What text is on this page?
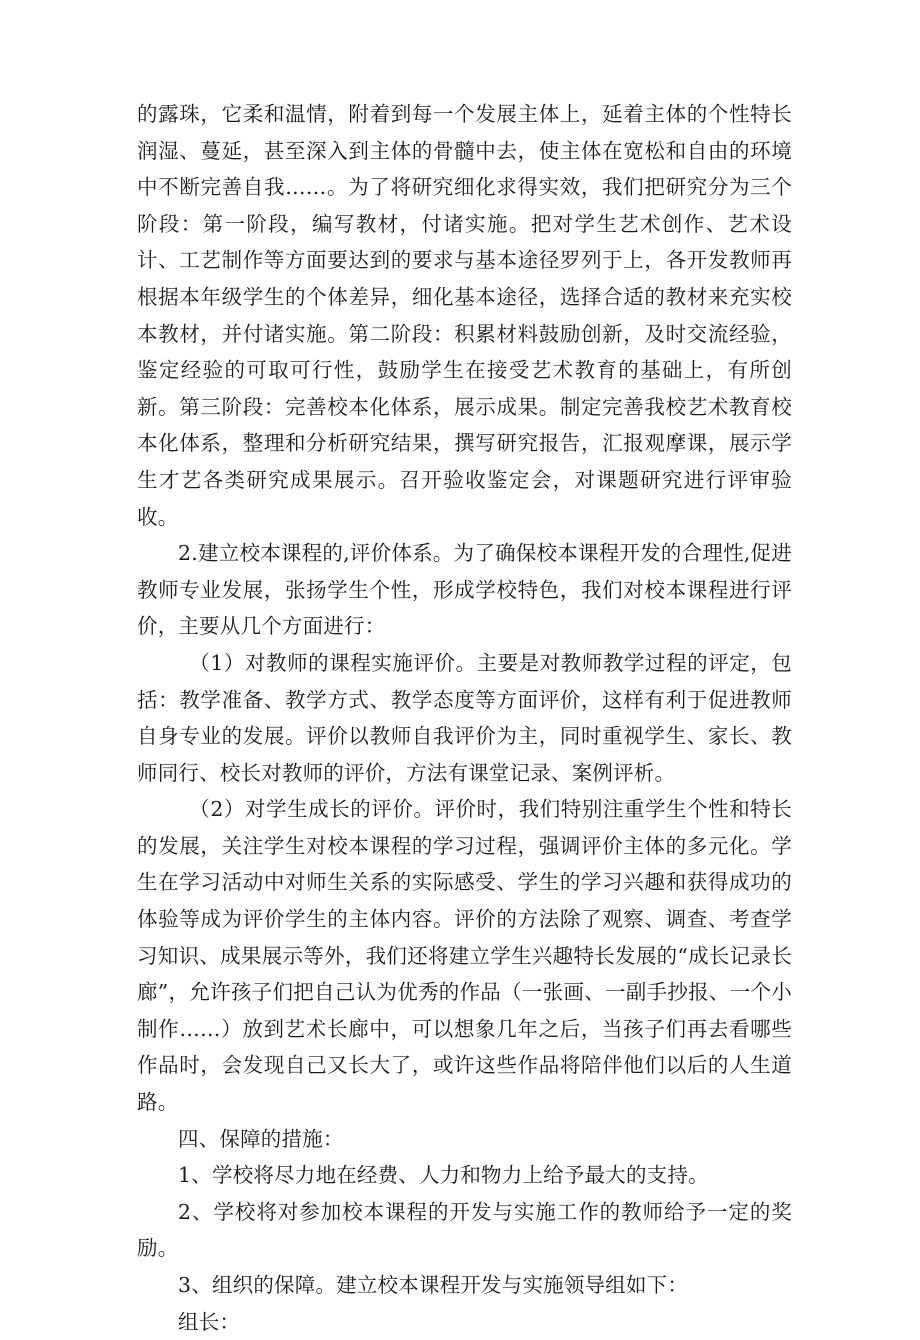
的露珠，它柔和温情，附着到每一个发展主体上，延着主体的个性特长润湿、蔓延，甚至深入到主体的骨髓中去，使主体在宽松和自由的环境中不断完善自我……。为了将研究细化求得实效，我们把研究分为三个阶段：第一阶段，编写教材，付诸实施。把对学生艺术创作、艺术设计、工艺制作等方面要达到的要求与基本途径罗列于上，各开发教师再根据本年级学生的个体差异，细化基本途径，选择合适的教材来充实校本教材，并付诸实施。第二阶段：积累材料鼓励创新，及时交流经验，鉴定经验的可取可行性，鼓励学生在接受艺术教育的基础上，有所创新。第三阶段：完善校本化体系，展示成果。制定完善我校艺术教育校本化体系，整理和分析研究结果，撰写研究报告，汇报观摩课，展示学生才艺各类研究成果展示。召开验收鉴定会，对课题研究进行评审验收。

2.建立校本课程的,评价体系。为了确保校本课程开发的合理性,促进教师专业发展，张扬学生个性，形成学校特色，我们对校本课程进行评价，主要从几个方面进行：

（1）对教师的课程实施评价。主要是对教师教学过程的评定，包括：教学准备、教学方式、教学态度等方面评价，这样有利于促进教师自身专业的发展。评价以教师自我评价为主，同时重视学生、家长、教师同行、校长对教师的评价，方法有课堂记录、案例评析。

（2）对学生成长的评价。评价时，我们特别注重学生个性和特长的发展，关注学生对校本课程的学习过程，强调评价主体的多元化。学生在学习活动中对师生关系的实际感受、学生的学习兴趣和获得成功的体验等成为评价学生的主体内容。评价的方法除了观察、调查、考查学习知识、成果展示等外，我们还将建立学生兴趣特长发展的“成长记录长廊”，允许孩子们把自己认为优秀的作品（一张画、一副手抄报、一个小制作……）放到艺术长廊中，可以想象几年之后，当孩子们再去看哪些作品时，会发现自己又长大了，或许这些作品将陪伴他们以后的人生道路。

四、保障的措施：

1、学校将尽力地在经费、人力和物力上给予最大的支持。

2、学校将对参加校本课程的开发与实施工作的教师给予一定的奖励。

3、组织的保障。建立校本课程开发与实施领导组如下：

组长：
